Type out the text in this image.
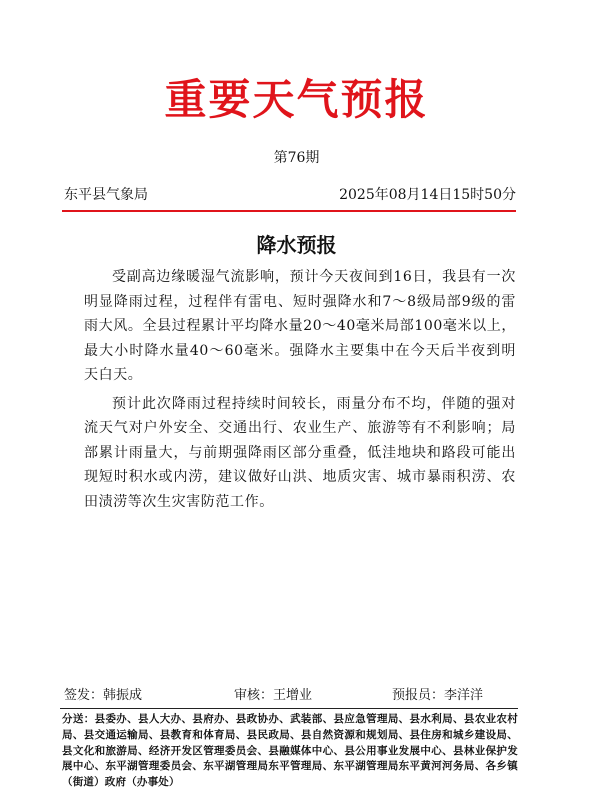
重要天气预报
第76期
东平县气象局	2025年08月14日15时50分
降水预报

受副高边缘暖湿气流影响，预计今天夜间到16日，我县有一次明显降雨过程，过程伴有雷电、短时强降水和7～8级局部9级的雷雨大风。全县过程累计平均降水量20～40毫米局部100毫米以上，最大小时降水量40～60毫米。强降水主要集中在今天后半夜到明天白天。

预计此次降雨过程持续时间较长，雨量分布不均，伴随的强对流天气对户外安全、交通出行、农业生产、旅游等有不利影响；局部累计雨量大，与前期强降雨区部分重叠，低洼地块和路段可能出现短时积水或内涝，建议做好山洪、地质灾害、城市暴雨积涝、农田渍涝等次生灾害防范工作。

签发：韩振成	审核：王增业	预报员：李洋洋
分送：县委办、县人大办、县府办、县政协办、武装部、县应急管理局、县水利局、县农业农村局、县交通运输局、县教育和体育局、县民政局、县自然资源和规划局、县住房和城乡建设局、县文化和旅游局、经济开发区管理委员会、县融媒体中心、县公用事业发展中心、县林业保护发展中心、东平湖管理委员会、东平湖管理局东平管理局、东平湖管理局东平黄河河务局、各乡镇（街道）政府（办事处）
